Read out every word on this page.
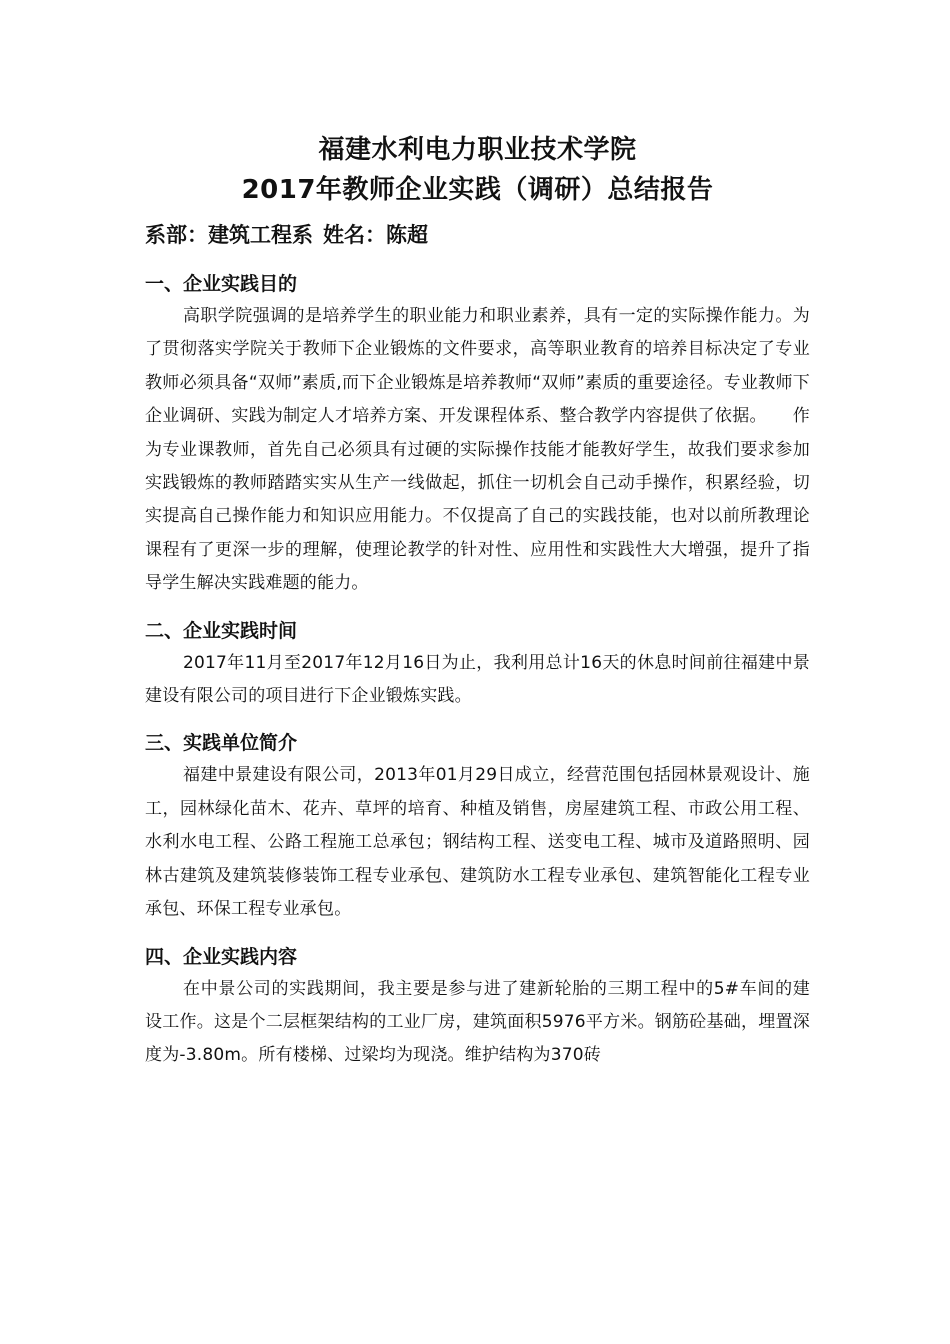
福建水利电力职业技术学院

2017年教师企业实践（调研）总结报告

系部：建筑工程系 姓名：陈超

一、企业实践目的

高职学院强调的是培养学生的职业能力和职业素养，具有一定的实际操作能力。为了贯彻落实学院关于教师下企业锻炼的文件要求，高等职业教育的培养目标决定了专业教师必须具备“双师”素质,而下企业锻炼是培养教师“双师”素质的重要途径。专业教师下企业调研、实践为制定人才培养方案、开发课程体系、整合教学内容提供了依据。　　作为专业课教师，首先自己必须具有过硬的实际操作技能才能教好学生，故我们要求参加实践锻炼的教师踏踏实实从生产一线做起，抓住一切机会自己动手操作，积累经验，切实提高自己操作能力和知识应用能力。不仅提高了自己的实践技能，也对以前所教理论课程有了更深一步的理解，使理论教学的针对性、应用性和实践性大大增强，提升了指导学生解决实践难题的能力。

二、企业实践时间

2017年11月至2017年12月16日为止，我利用总计16天的休息时间前往福建中景建设有限公司的项目进行下企业锻炼实践。

三、实践单位简介

福建中景建设有限公司，2013年01月29日成立，经营范围包括园林景观设计、施工，园林绿化苗木、花卉、草坪的培育、种植及销售，房屋建筑工程、市政公用工程、水利水电工程、公路工程施工总承包；钢结构工程、送变电工程、城市及道路照明、园林古建筑及建筑装修装饰工程专业承包、建筑防水工程专业承包、建筑智能化工程专业承包、环保工程专业承包。

四、企业实践内容

在中景公司的实践期间，我主要是参与进了建新轮胎的三期工程中的5#车间的建设工作。这是个二层框架结构的工业厂房，建筑面积5976平方米。钢筋砼基础，埋置深度为-3.80m。所有楼梯、过梁均为现浇。维护结构为370砖
